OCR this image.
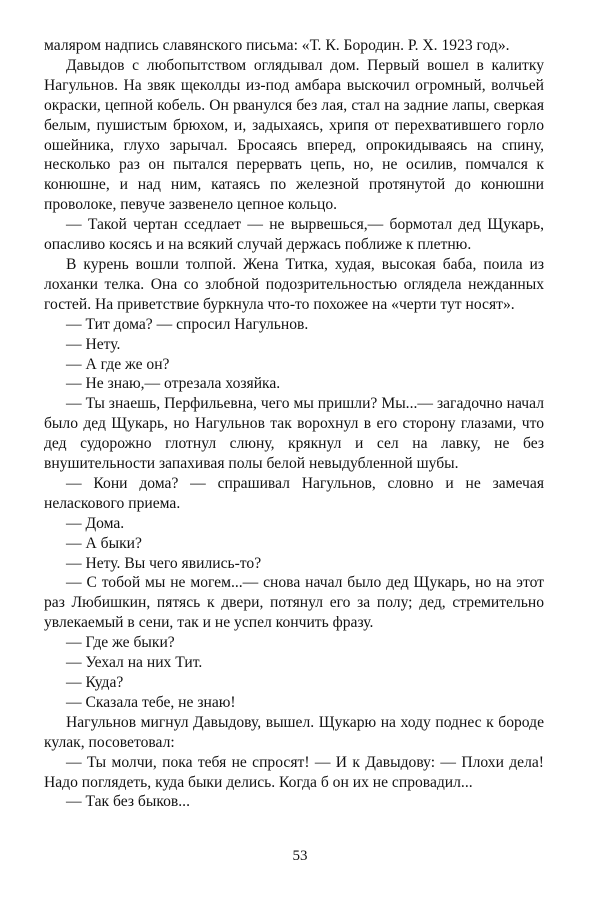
маляром надпись славянского письма: «Т. К. Бородин. Р. Х. 1923 год».

Давыдов с любопытством оглядывал дом. Первый вошел в калитку Нагульнов. На звяк щеколды из-под амбара выскочил огромный, волчьей окраски, цепной кобель. Он рванулся без лая, стал на задние лапы, сверкая белым, пушистым брюхом, и, задыхаясь, хрипя от перехватившего горло ошейника, глухо зарычал. Бросаясь вперед, опрокидываясь на спину, несколько раз он пытался перервать цепь, но, не осилив, помчался к конюшне, и над ним, катаясь по железной протянутой до конюшни проволоке, певуче зазвенело цепное кольцо.

— Такой чертан сседлает — не вырвешься,— бормотал дед Щукарь, опасливо косясь и на всякий случай держась поближе к плетню.

В курень вошли толпой. Жена Титка, худая, высокая баба, поила из лоханки телка. Она со злобной подозрительностью оглядела нежданных гостей. На приветствие буркнула что-то похожее на «черти тут носят».

— Тит дома? — спросил Нагульнов.

— Нету.

— А где же он?

— Не знаю,— отрезала хозяйка.

— Ты знаешь, Перфильевна, чего мы пришли? Мы...— загадочно начал было дед Щукарь, но Нагульнов так ворохнул в его сторону глазами, что дед судорожно глотнул слюну, крякнул и сел на лавку, не без внушительности запахивая полы белой невыдубленной шубы.

— Кони дома? — спрашивал Нагульнов, словно и не замечая неласкового приема.

— Дома.

— А быки?

— Нету. Вы чего явились-то?

— С тобой мы не могем...— снова начал было дед Щукарь, но на этот раз Любишкин, пятясь к двери, потянул его за полу; дед, стремительно увлекаемый в сени, так и не успел кончить фразу.

— Где же быки?

— Уехал на них Тит.

— Куда?

— Сказала тебе, не знаю!

Нагульнов мигнул Давыдову, вышел. Щукарю на ходу поднес к бороде кулак, посоветовал:

— Ты молчи, пока тебя не спросят! — И к Давыдову: — Плохи дела! Надо поглядеть, куда быки делись. Когда б он их не спровадил...

— Так без быков...

53
